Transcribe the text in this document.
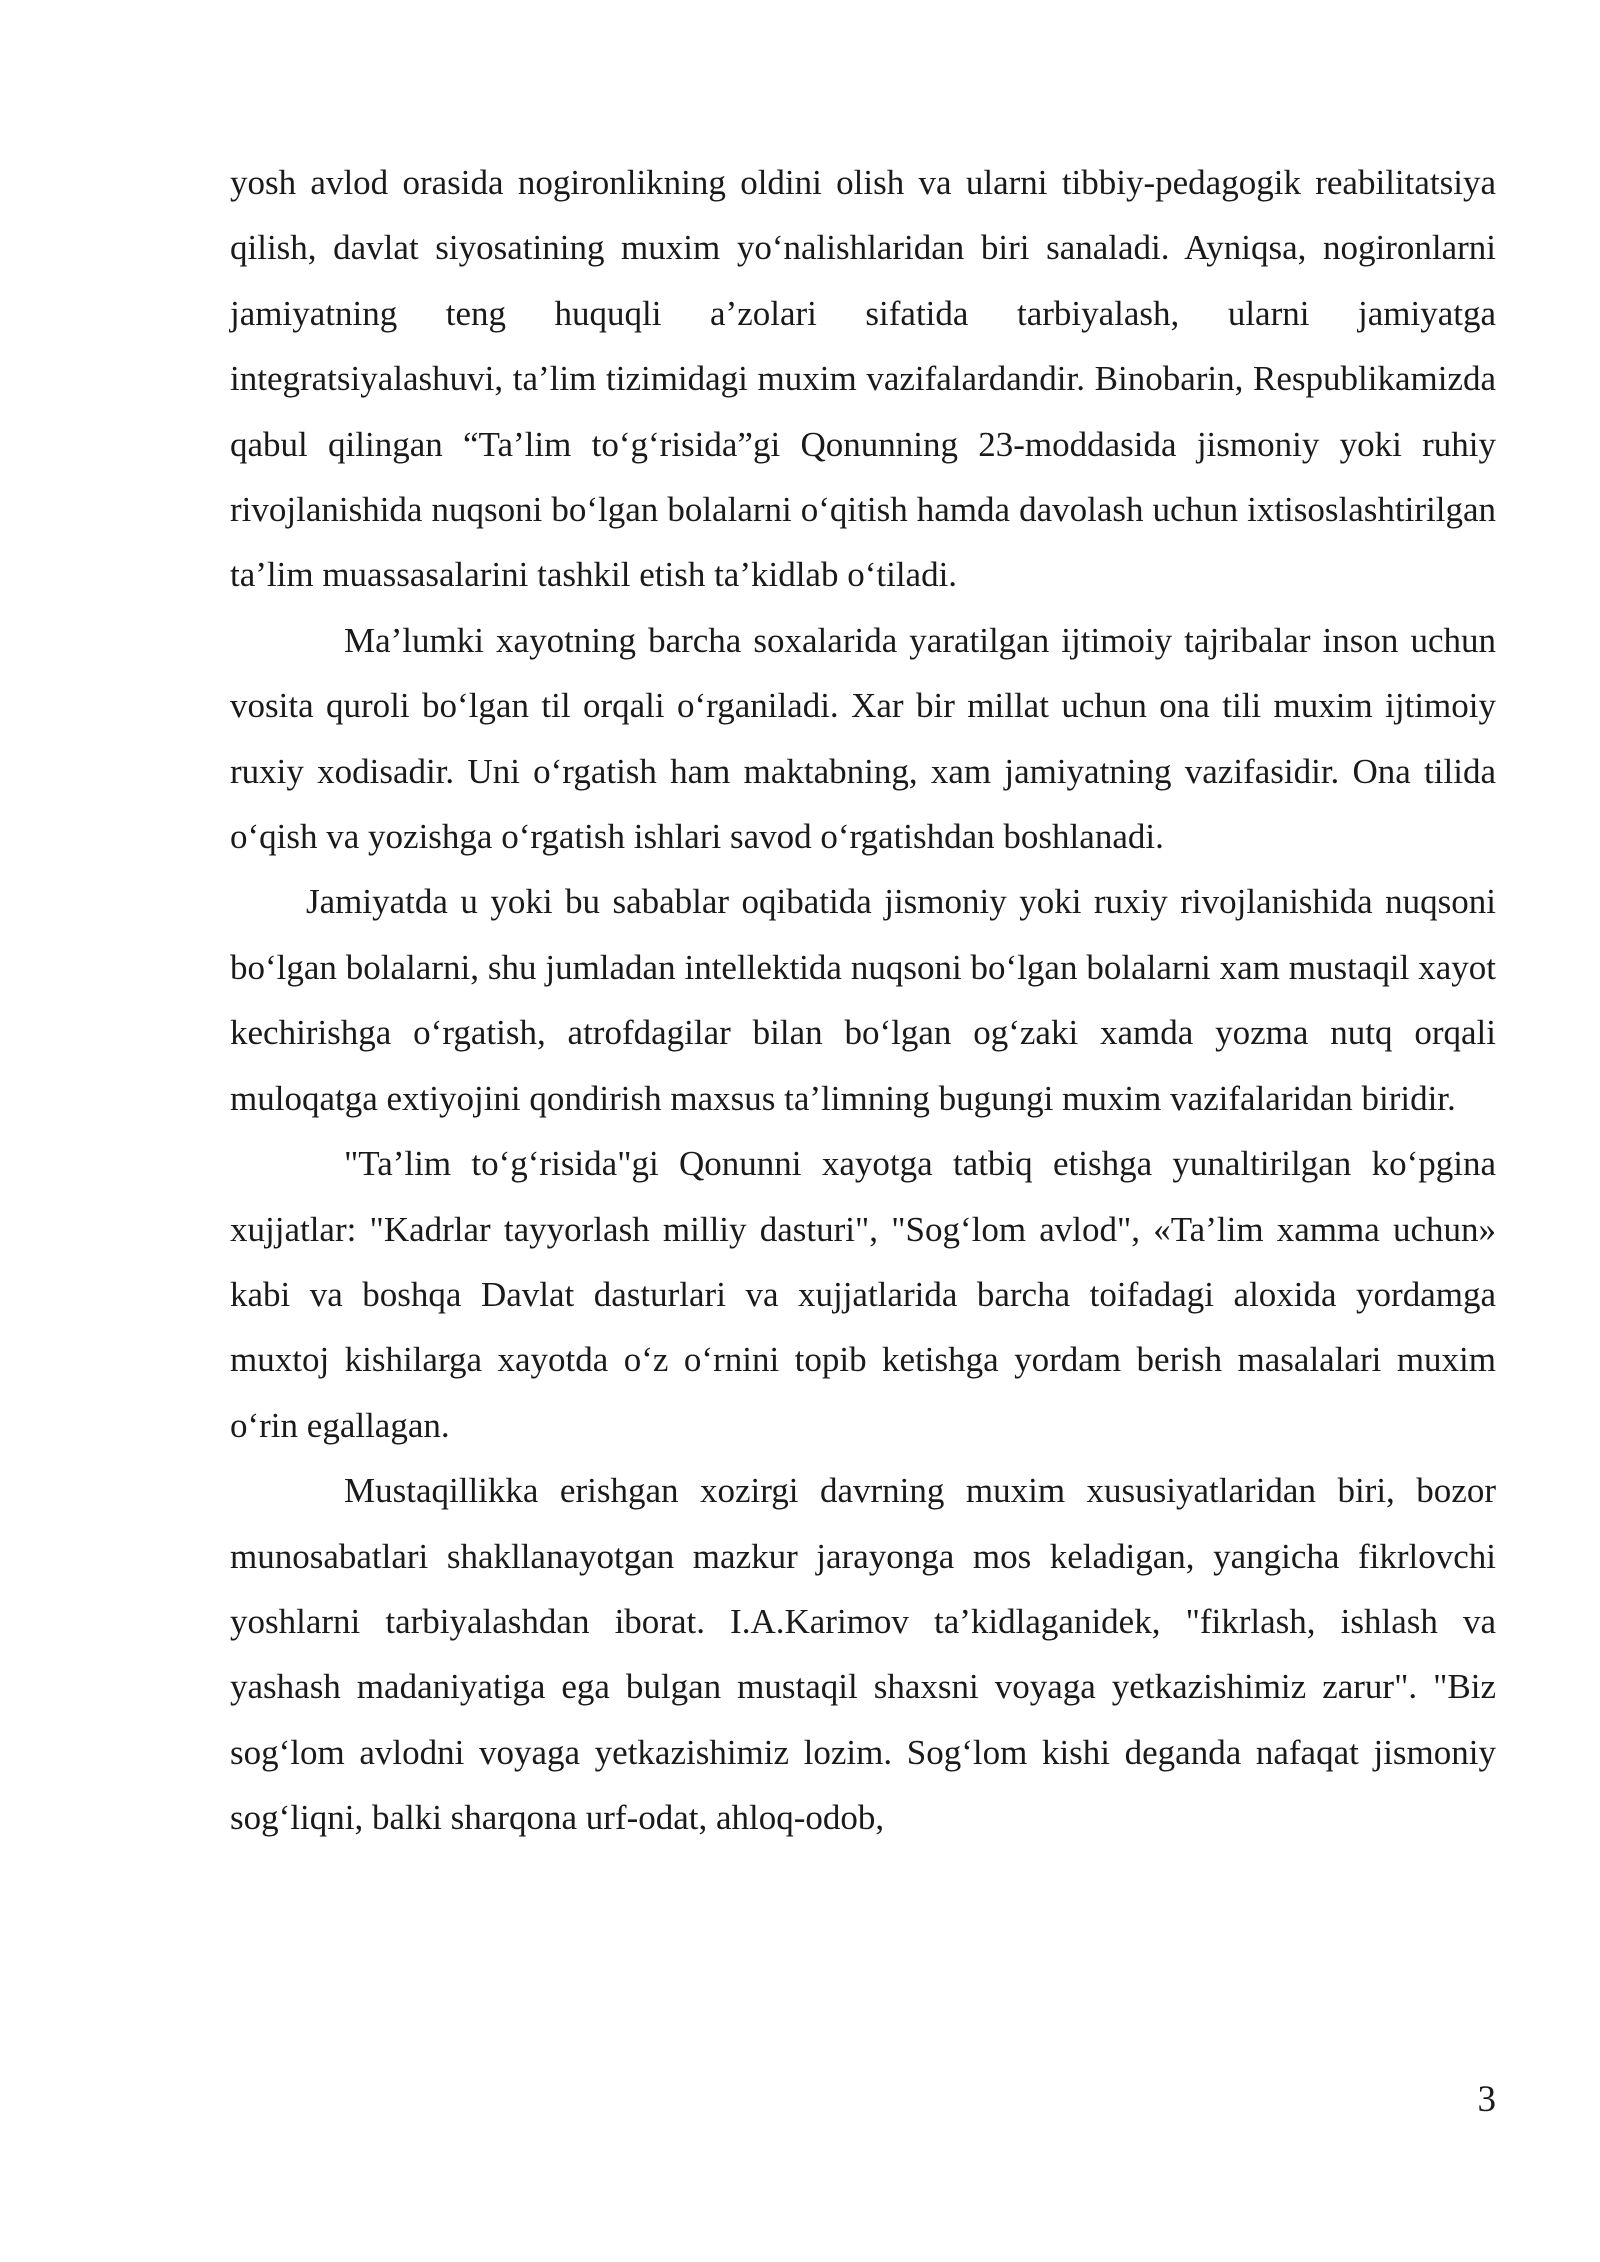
yosh avlod orasida nogironlikning oldini olish va ularni tibbiy-pedagogik reabilitatsiya qilish, davlat siyosatining muxim yo‘nalishlaridan biri sanaladi. Ayniqsa, nogironlarni jamiyatning teng huquqli a’zolari sifatida tarbiyalash, ularni jamiyatga integratsiyalashuvi, ta’lim tizimidagi muxim vazifalardandir. Binobarin, Respublikamizda qabul qilingan “Ta’lim to‘g‘risida”gi Qonunning 23-moddasida jismoniy yoki ruhiy rivojlanishida nuqsoni bo‘lgan bolalarni o‘qitish hamda davolash uchun ixtisoslashtirilgan ta’lim muassasalarini tashkil etish ta’kidlab o‘tiladi.

Ma’lumki xayotning barcha soxalarida yaratilgan ijtimoiy tajribalar inson uchun vosita quroli bo‘lgan til orqali o‘rganiladi. Xar bir millat uchun ona tili muxim ijtimoiy ruxiy xodisadir. Uni o‘rgatish ham maktabning, xam jamiyatning vazifasidir. Ona tilida o‘qish va yozishga o‘rgatish ishlari savod o‘rgatishdan boshlanadi.

Jamiyatda u yoki bu sabablar oqibatida jismoniy yoki ruxiy rivojlanishida nuqsoni bo‘lgan bolalarni, shu jumladan intellektida nuqsoni bo‘lgan bolalarni xam mustaqil xayot kechirishga o‘rgatish, atrofdagilar bilan bo‘lgan og‘zaki xamda yozma nutq orqali muloqatga extiyojini qondirish maxsus ta’limning bugungi muxim vazifalaridan biridir.

"Ta’lim to‘g‘risida"gi Qonunni xayotga tatbiq etishga yunaltirilgan ko‘pgina xujjatlar: "Kadrlar tayyorlash milliy dasturi", "Sog‘lom avlod", «Ta’lim xamma uchun» kabi va boshqa Davlat dasturlari va xujjatlarida barcha toifadagi aloxida yordamga muxtoj kishilarga xayotda o‘z o‘rnini topib ketishga yordam berish masalalari muxim o‘rin egallagan.

Mustaqillikka erishgan xozirgi davrning muxim xususiyatlaridan biri, bozor munosabatlari shakllanayotgan mazkur jarayonga mos keladigan, yangicha fikrlovchi yoshlarni tarbiyalashdan iborat. I.A.Karimov ta’kidlaganidek, "fikrlash, ishlash va yashash madaniyatiga ega bulgan mustaqil shaxsni voyaga yetkazishimiz zarur". "Biz sog‘lom avlodni voyaga yetkazishimiz lozim. Sog‘lom kishi deganda nafaqat jismoniy sog‘liqni, balki sharqona urf-odat, ahloq-odob,

3
